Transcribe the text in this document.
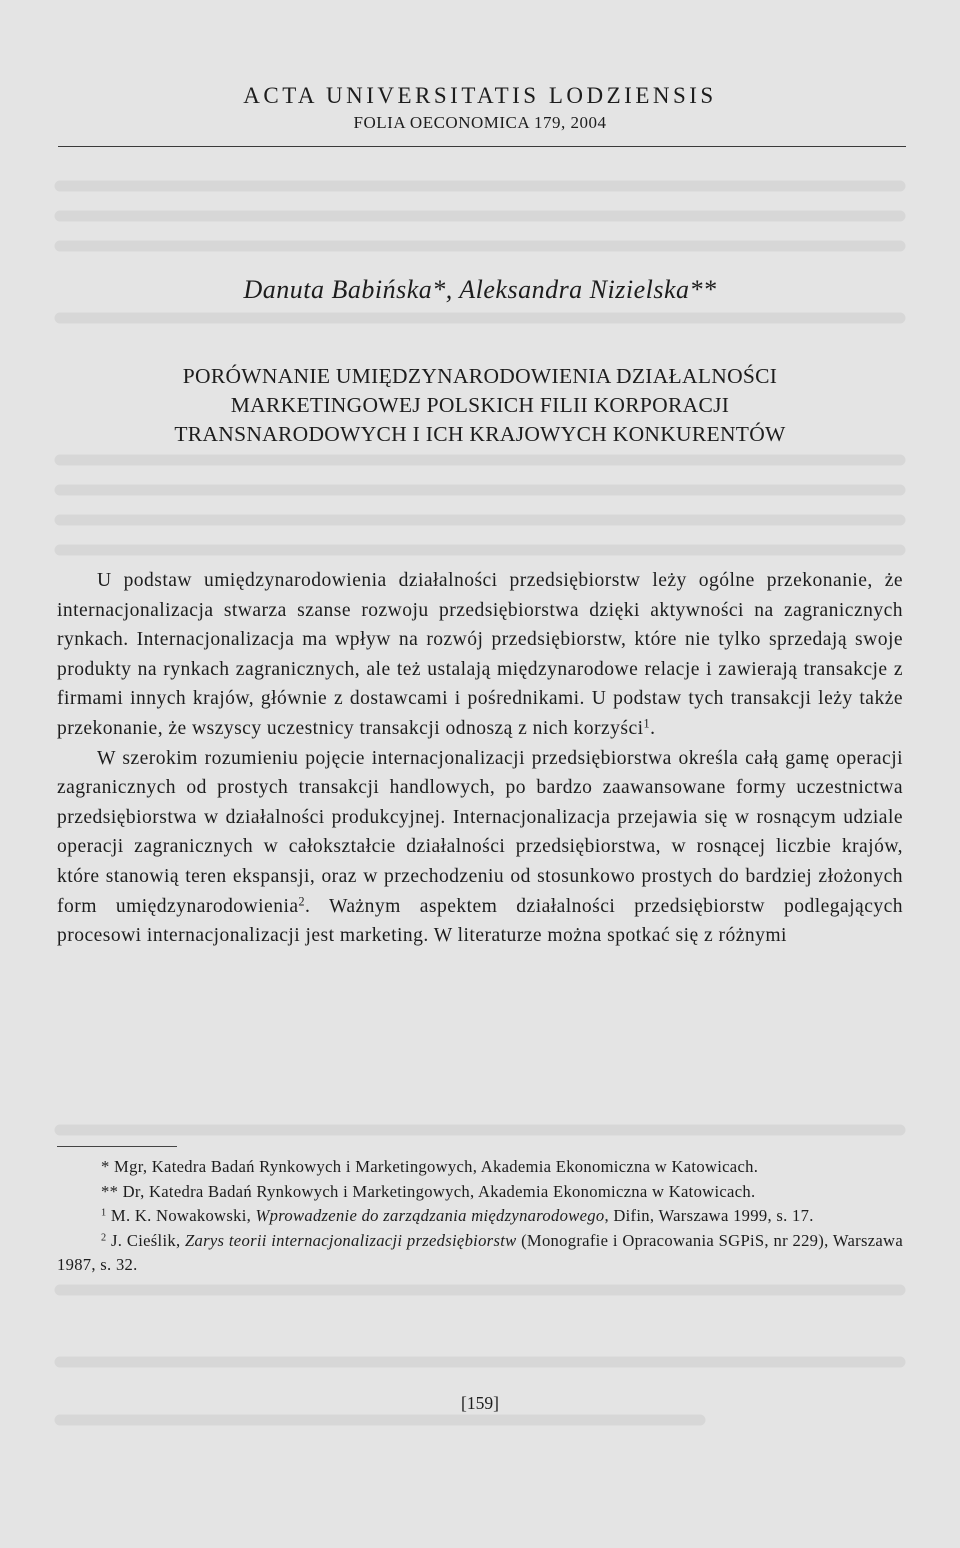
ACTA UNIVERSITATIS LODZIENSIS
FOLIA OECONOMICA 179, 2004
Danuta Babińska*, Aleksandra Nizielska**
PORÓWNANIE UMIĘDZYNARODOWIENIA DZIAŁALNOŚCI
MARKETINGOWEJ POLSKICH FILII KORPORACJI
TRANSNARODOWYCH I ICH KRAJOWYCH KONKURENTÓW

U podstaw umiędzynarodowienia działalności przedsiębiorstw leży ogólne przekonanie, że internacjonalizacja stwarza szanse rozwoju przedsiębiorstwa dzięki aktywności na zagranicznych rynkach. Internacjonalizacja ma wpływ na rozwój przedsiębiorstw, które nie tylko sprzedają swoje produkty na rynkach zagranicznych, ale też ustalają międzynarodowe relacje i zawierają transakcje z firmami innych krajów, głównie z dostawcami i pośrednikami. U podstaw tych transakcji leży także przekonanie, że wszyscy uczestnicy transakcji odnoszą z nich korzyści$^1$.

W szerokim rozumieniu pojęcie internacjonalizacji przedsiębiorstwa określa całą gamę operacji zagranicznych od prostych transakcji handlowych, po bardzo zaawansowane formy uczestnictwa przedsiębiorstwa w działalności produkcyjnej. Internacjonalizacja przejawia się w rosnącym udziale operacji zagranicznych w całokształcie działalności przedsiębiorstwa, w rosnącej liczbie krajów, które stanowią teren ekspansji, oraz w przechodzeniu od stosunkowo prostych do bardziej złożonych form umiędzynarodowienia$^2$. Ważnym aspektem działalności przedsiębiorstw podlegających procesowi internacjonalizacji jest marketing. W literaturze można spotkać się z różnymi

* Mgr, Katedra Badań Rynkowych i Marketingowych, Akademia Ekonomiczna w Katowicach.

** Dr, Katedra Badań Rynkowych i Marketingowych, Akademia Ekonomiczna w Katowicach.

$^1$ M. K. Nowakowski, Wprowadzenie do zarządzania międzynarodowego, Difin, Warszawa 1999, s. 17.

$^2$ J. Cieślik, Zarys teorii internacjonalizacji przedsiębiorstw (Monografie i Opracowania SGPiS, nr 229), Warszawa 1987, s. 32.

[159]
